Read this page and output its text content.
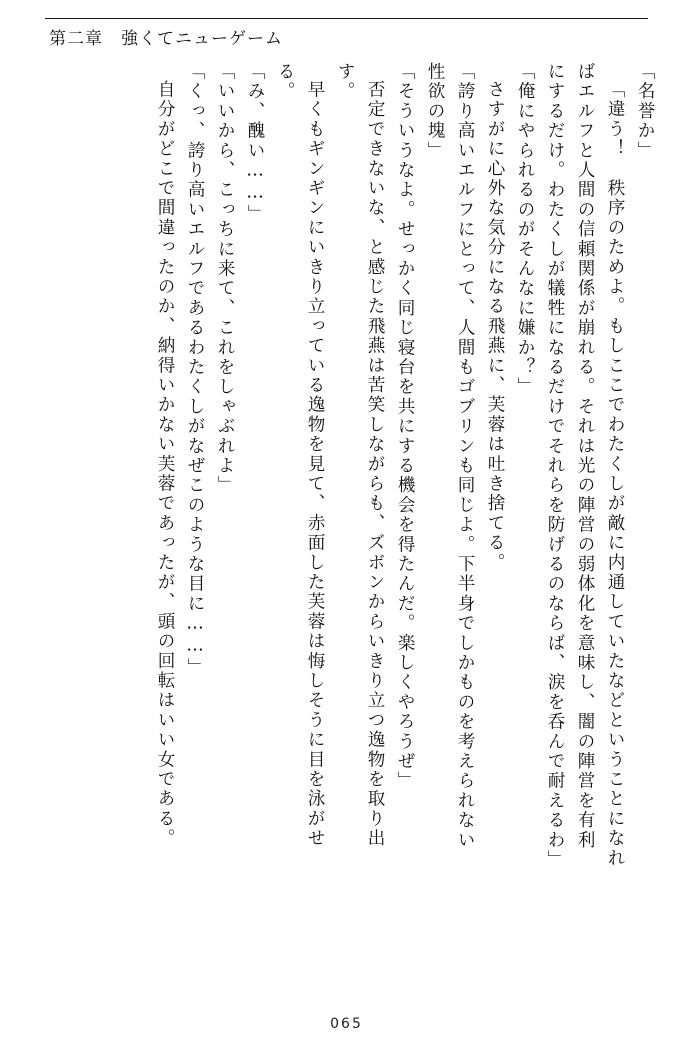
第二章 強くてニューゲーム
「名誉か」
「違う！　秩序のためよ。もしここでわたくしが敵に内通していたなどということになれ
ばエルフと人間の信頼関係が崩れる。それは光の陣営の弱体化を意味し、闇の陣営を有利
にするだけ。わたくしが犠牲になるだけでそれらを防げるのならば、涙を呑んで耐えるわ」
「俺にやられるのがそんなに嫌か？」
さすがに心外な気分になる飛燕に、芙蓉は吐き捨てる。
「誇り高いエルフにとって、人間もゴブリンも同じよ。下半身でしかものを考えられない
性欲の塊」
「そういうなよ。せっかく同じ寝台を共にする機会を得たんだ。楽しくやろうぜ」
否定できないな、と感じた飛燕は苦笑しながらも、ズボンからいきり立つ逸物を取り出
す。
早くもギンギンにいきり立っている逸物を見て、赤面した芙蓉は悔しそうに目を泳がせ
る。
「み、醜い……」
「いいから、こっちに来て、これをしゃぶれよ」
「くっ、誇り高いエルフであるわたくしがなぜこのような目に……」
自分がどこで間違ったのか、納得いかない芙蓉であったが、頭の回転はいい女である。
065
